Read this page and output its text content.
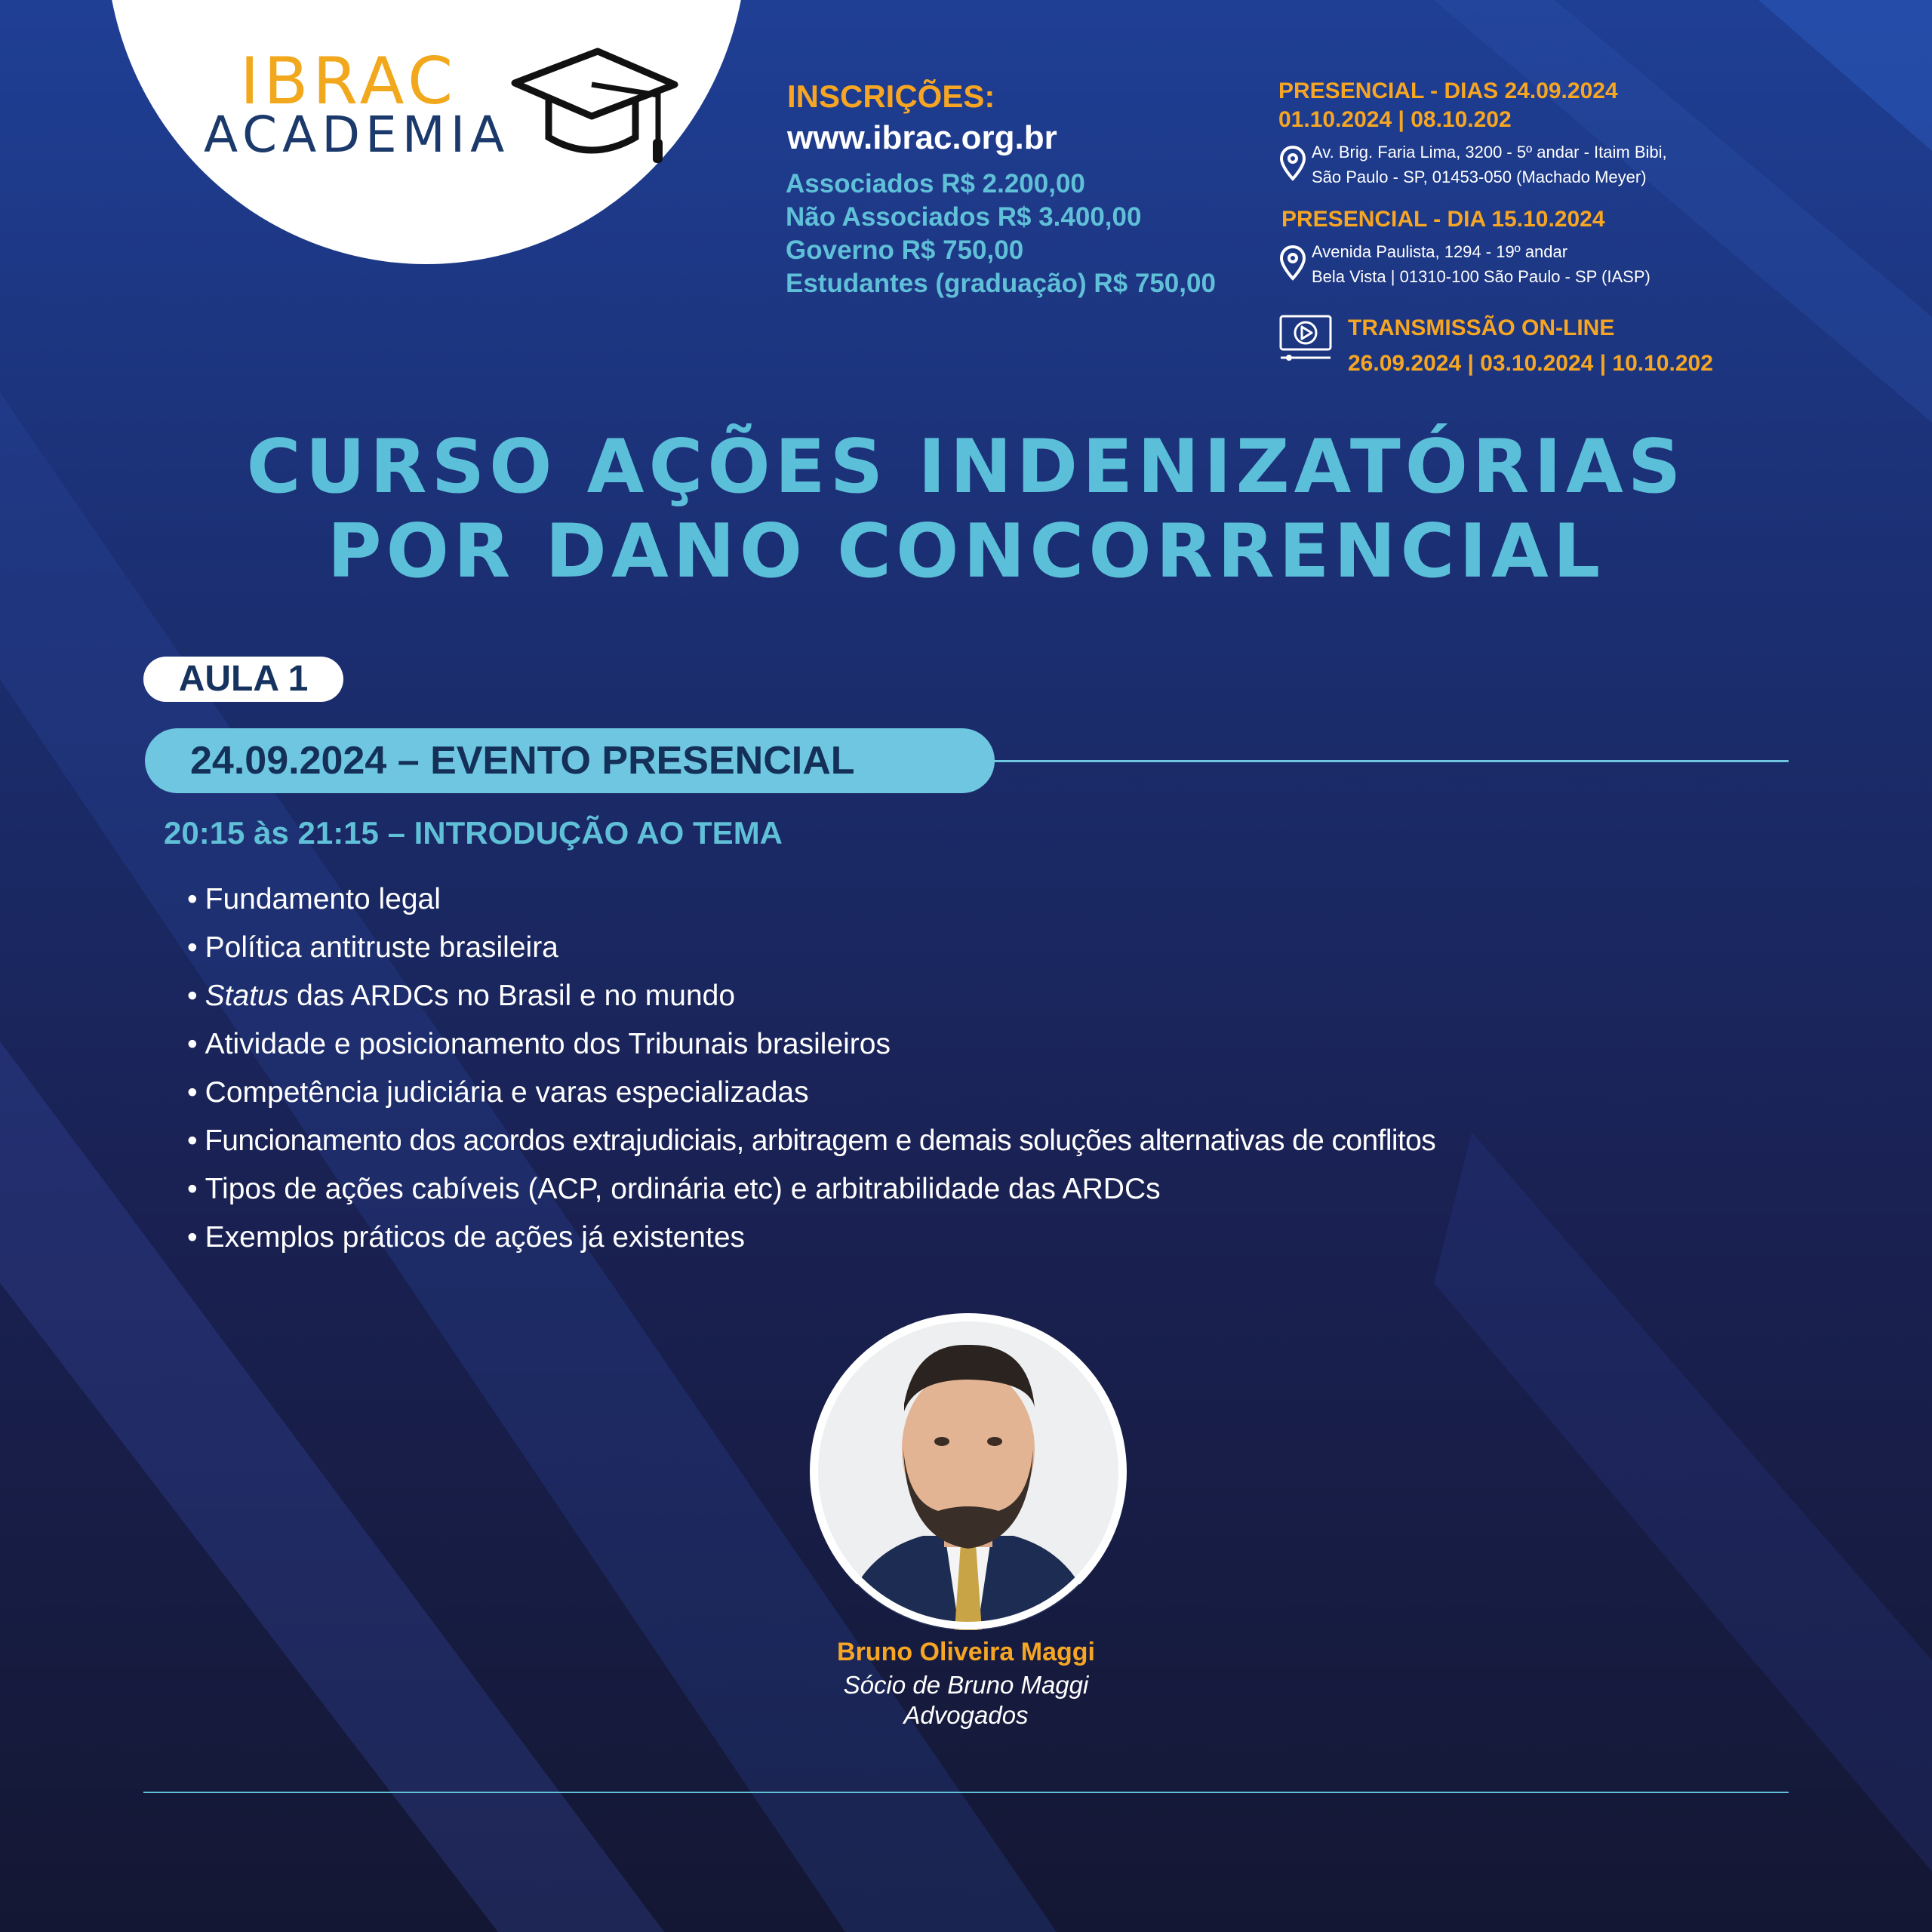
IBRAC
ACADEMIA
INSCRIÇÕES:
www.ibrac.org.br
Associados R$ 2.200,00
Não Associados R$ 3.400,00
Governo R$ 750,00
Estudantes (graduação) R$ 750,00
PRESENCIAL - DIAS 24.09.2024
01.10.2024 | 08.10.202
Av. Brig. Faria Lima, 3200 - 5º andar - Itaim Bibi,
São Paulo - SP, 01453-050 (Machado Meyer)
PRESENCIAL - DIA 15.10.2024
Avenida Paulista, 1294 - 19º andar
Bela Vista | 01310-100 São Paulo - SP (IASP)
TRANSMISSÃO ON-LINE
26.09.2024 | 03.10.2024 | 10.10.202
CURSO AÇÕES INDENIZATÓRIAS
POR DANO CONCORRENCIAL
AULA 1
24.09.2024 – EVENTO PRESENCIAL
20:15 às 21:15 – INTRODUÇÃO AO TEMA
• Fundamento legal
• Política antitruste brasileira
• Status das ARDCs no Brasil e no mundo
• Atividade e posicionamento dos Tribunais brasileiros
• Competência judiciária e varas especializadas
• Funcionamento dos acordos extrajudiciais, arbitragem e demais soluções alternativas de conflitos
• Tipos de ações cabíveis (ACP, ordinária etc) e arbitrabilidade das ARDCs
• Exemplos práticos de ações já existentes
Bruno Oliveira Maggi
Sócio de Bruno Maggi
Advogados
